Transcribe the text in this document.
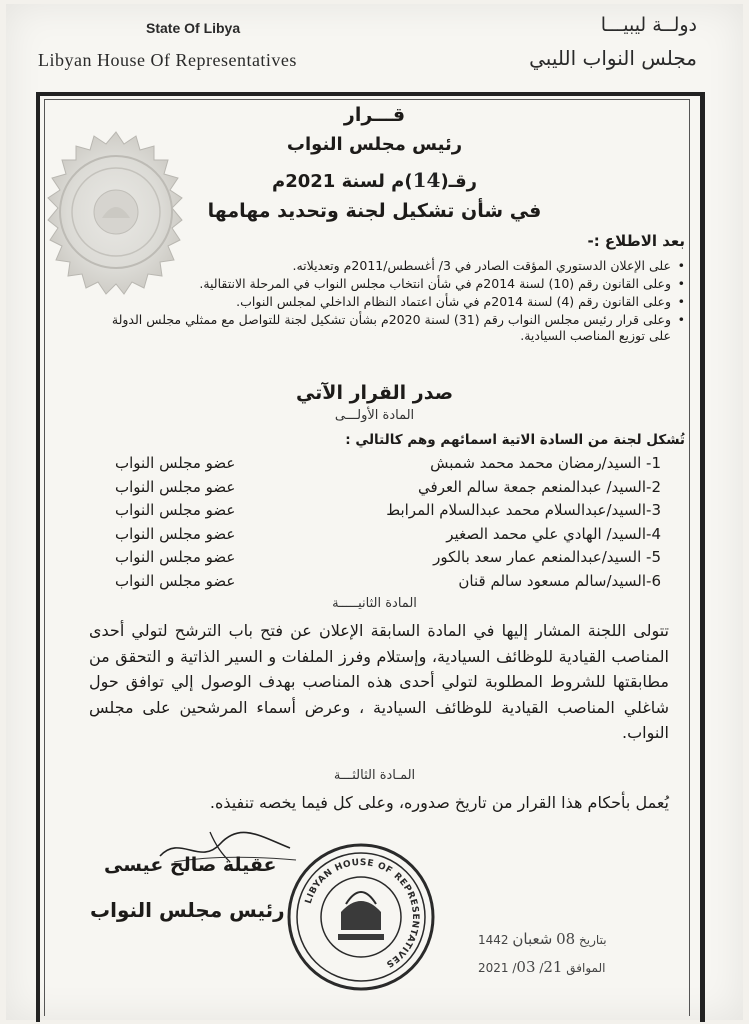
State Of Libya
Libyan House Of Representatives
دولــة ليبيـــا
مجلس النواب الليبي
قـــرار
رئيس مجلس النواب
رقـ(14)م لسنة 2021م
في شأن تشكيل لجنة وتحديد مهامها
بعد الاطلاع :-
• على الإعلان الدستوري المؤقت الصادر في 3/ أغسطس/2011م وتعديلاته.
• وعلى القانون رقم (10) لسنة 2014م في شأن انتخاب مجلس النواب في المرحلة الانتقالية.
• وعلى القانون رقم (4) لسنة 2014م في شأن اعتماد النظام الداخلي لمجلس النواب.
• وعلى قرار رئيس مجلس النواب رقم (31) لسنة 2020م بشأن تشكيل لجنة للتواصل مع ممثلي مجلس الدولة على توزيع المناصب السيادية.
صدر القرار الآتي
المادة الأولـــى
تُشكل لجنة من السادة الاتية اسمائهم وهم كالتالي :
1- السيد/رمضان محمد محمد شمبش
عضو مجلس النواب
2-السيد/ عبدالمنعم جمعة سالم العرفي
عضو مجلس النواب
3-السيد/عبدالسلام محمد عبدالسلام المرابط
عضو مجلس النواب
4-السيد/ الهادي علي محمد الصغير
عضو مجلس النواب
5- السيد/عبدالمنعم عمار سعد بالكور
عضو مجلس النواب
6-السيد/سالم مسعود سالم قنان
عضو مجلس النواب
المادة الثانيـــــة
تتولى اللجنة المشار إليها في المادة السابقة الإعلان عن فتح باب الترشح لتولي أحدى المناصب القيادية للوظائف السيادية، وإستلام وفرز الملفات و السير الذاتية و التحقق من مطابقتها للشروط المطلوبة لتولي أحدى هذه المناصب بهدف الوصول إلي توافق حول شاغلي المناصب القيادية للوظائف السيادية ، وعرض أسماء المرشحين على مجلس النواب.
المـادة الثالثـــة
يُعمل بأحكام هذا القرار من تاريخ صدوره، وعلى كل فيما يخصه تنفيذه.
عقيلة صالح عيسى
رئيس مجلس النواب LIBYAN HOUSE OF REPRESENTATIVES
بتاريخ 08 شعبان 1442
الموافق 21/ 03/ 2021
